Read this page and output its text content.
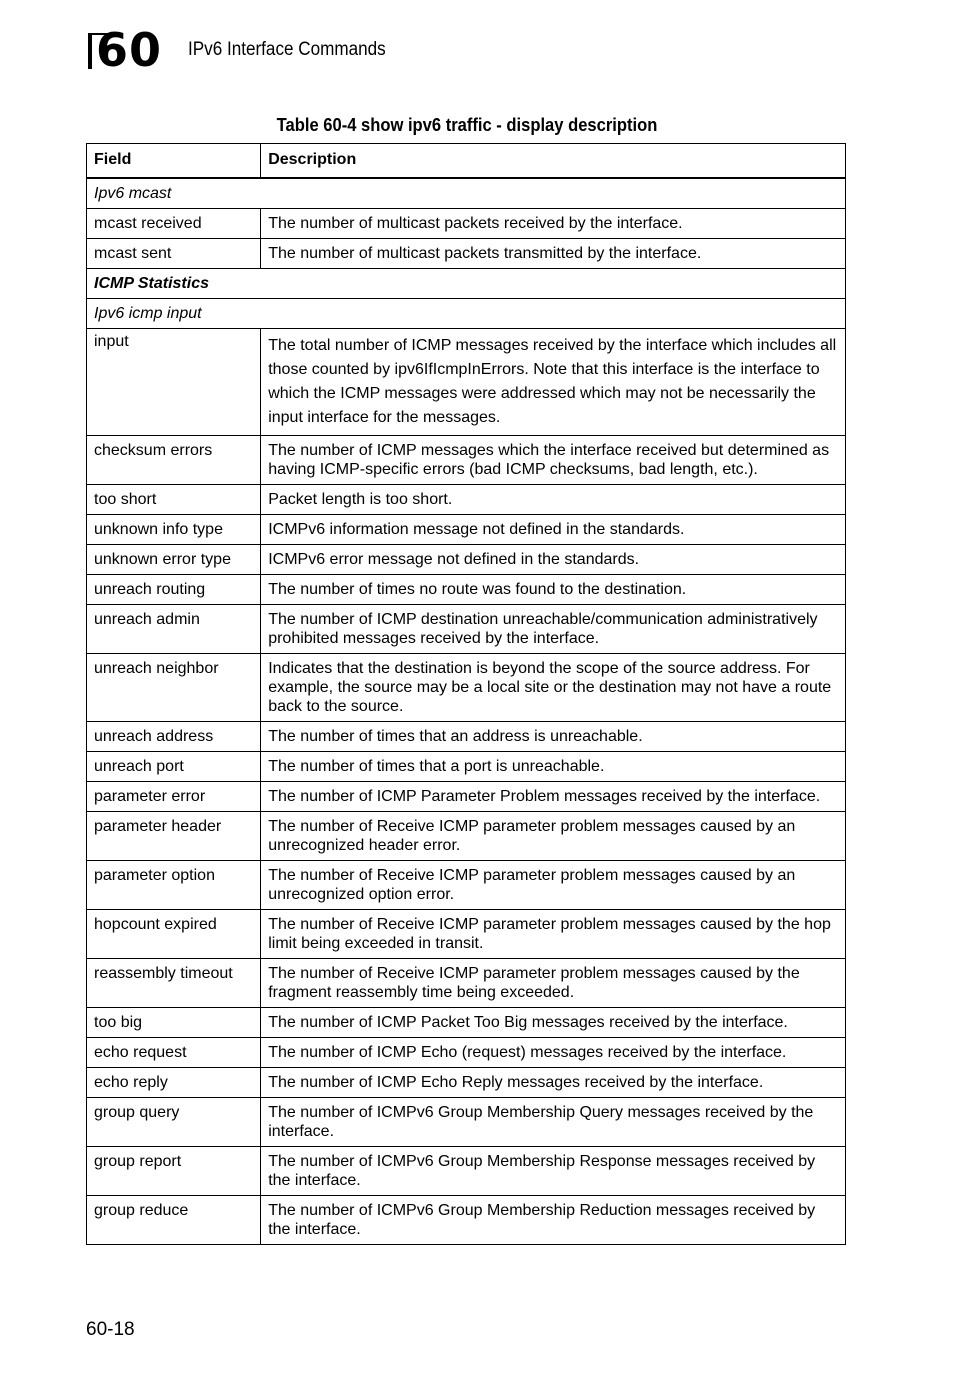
60 IPv6 Interface Commands
Table 60-4 show ipv6 traffic - display description
Field	Description
Ipv6 mcast	
mcast received	The number of multicast packets received by the interface.
mcast sent	The number of multicast packets transmitted by the interface.
ICMP Statistics	
Ipv6 icmp input	
input	The total number of ICMP messages received by the interface which includes all those counted by ipv6IfIcmpInErrors. Note that this interface is the interface to which the ICMP messages were addressed which may not be necessarily the input interface for the messages.
checksum errors	The number of ICMP messages which the interface received but determined as having ICMP-specific errors (bad ICMP checksums, bad length, etc.).
too short	Packet length is too short.
unknown info type	ICMPv6 information message not defined in the standards.
unknown error type	ICMPv6 error message not defined in the standards.
unreach routing	The number of times no route was found to the destination.
unreach admin	The number of ICMP destination unreachable/communication administratively prohibited messages received by the interface.
unreach neighbor	Indicates that the destination is beyond the scope of the source address. For example, the source may be a local site or the destination may not have a route back to the source.
unreach address	The number of times that an address is unreachable.
unreach port	The number of times that a port is unreachable.
parameter error	The number of ICMP Parameter Problem messages received by the interface.
parameter header	The number of Receive ICMP parameter problem messages caused by an unrecognized header error.
parameter option	The number of Receive ICMP parameter problem messages caused by an unrecognized option error.
hopcount expired	The number of Receive ICMP parameter problem messages caused by the hop limit being exceeded in transit.
reassembly timeout	The number of Receive ICMP parameter problem messages caused by the fragment reassembly time being exceeded.
too big	The number of ICMP Packet Too Big messages received by the interface.
echo request	The number of ICMP Echo (request) messages received by the interface.
echo reply	The number of ICMP Echo Reply messages received by the interface.
group query	The number of ICMPv6 Group Membership Query messages received by the interface.
group report	The number of ICMPv6 Group Membership Response messages received by the interface.
group reduce	The number of ICMPv6 Group Membership Reduction messages received by the interface.
60-18
